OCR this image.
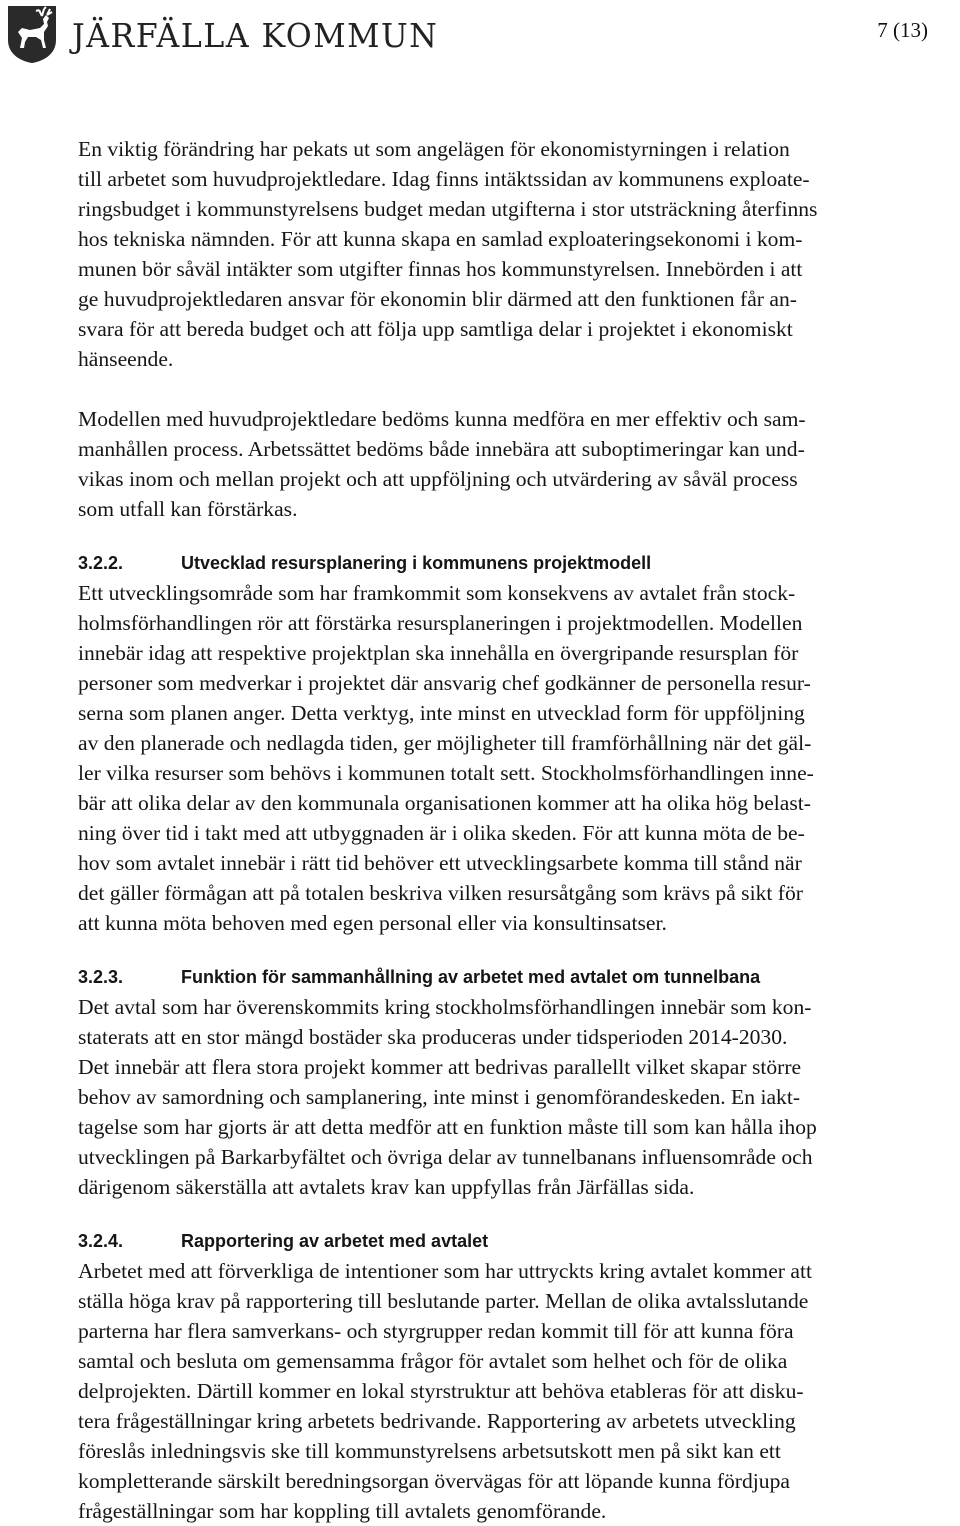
JÄRFÄLLA KOMMUN	7 (13)

En viktig förändring har pekats ut som angelägen för ekonomistyrningen i relation
till arbetet som huvudprojektledare. Idag finns intäktssidan av kommunens exploate-
ringsbudget i kommunstyrelsens budget medan utgifterna i stor utsträckning återfinns
hos tekniska nämnden. För att kunna skapa en samlad exploateringsekonomi i kom-
munen bör såväl intäkter som utgifter finnas hos kommunstyrelsen. Innebörden i att
ge huvudprojektledaren ansvar för ekonomin blir därmed att den funktionen får an-
svara för att bereda budget och att följa upp samtliga delar i projektet i ekonomiskt
hänseende.

Modellen med huvudprojektledare bedöms kunna medföra en mer effektiv och sam-
manhållen process. Arbetssättet bedöms både innebära att suboptimeringar kan und-
vikas inom och mellan projekt och att uppföljning och utvärdering av såväl process
som utfall kan förstärkas.

3.2.2.	Utvecklad resursplanering i kommunens projektmodell

Ett utvecklingsområde som har framkommit som konsekvens av avtalet från stock-
holmsförhandlingen rör att förstärka resursplaneringen i projektmodellen. Modellen
innebär idag att respektive projektplan ska innehålla en övergripande resursplan för
personer som medverkar i projektet där ansvarig chef godkänner de personella resur-
serna som planen anger. Detta verktyg, inte minst en utvecklad form för uppföljning
av den planerade och nedlagda tiden, ger möjligheter till framförhållning när det gäl-
ler vilka resurser som behövs i kommunen totalt sett. Stockholmsförhandlingen inne-
bär att olika delar av den kommunala organisationen kommer att ha olika hög belast-
ning över tid i takt med att utbyggnaden är i olika skeden. För att kunna möta de be-
hov som avtalet innebär i rätt tid behöver ett utvecklingsarbete komma till stånd när
det gäller förmågan att på totalen beskriva vilken resursåtgång som krävs på sikt för
att kunna möta behoven med egen personal eller via konsultinsatser.

3.2.3.	Funktion för sammanhållning av arbetet med avtalet om tunnelbana

Det avtal som har överenskommits kring stockholmsförhandlingen innebär som kon-
staterats att en stor mängd bostäder ska produceras under tidsperioden 2014-2030.
Det innebär att flera stora projekt kommer att bedrivas parallellt vilket skapar större
behov av samordning och samplanering, inte minst i genomförandeskeden. En iakt-
tagelse som har gjorts är att detta medför att en funktion måste till som kan hålla ihop
utvecklingen på Barkarbyfältet och övriga delar av tunnelbanans influensområde och
därigenom säkerställa att avtalets krav kan uppfyllas från Järfällas sida.

3.2.4.	Rapportering av arbetet med avtalet

Arbetet med att förverkliga de intentioner som har uttryckts kring avtalet kommer att
ställa höga krav på rapportering till beslutande parter. Mellan de olika avtalsslutande
parterna har flera samverkans- och styrgrupper redan kommit till för att kunna föra
samtal och besluta om gemensamma frågor för avtalet som helhet och för de olika
delprojekten. Därtill kommer en lokal styrstruktur att behöva etableras för att disku-
tera frågeställningar kring arbetets bedrivande. Rapportering av arbetets utveckling
föreslås inledningsvis ske till kommunstyrelsens arbetsutskott men på sikt kan ett
kompletterande särskilt beredningsorgan övervägas för att löpande kunna fördjupa
frågeställningar som har koppling till avtalets genomförande.
